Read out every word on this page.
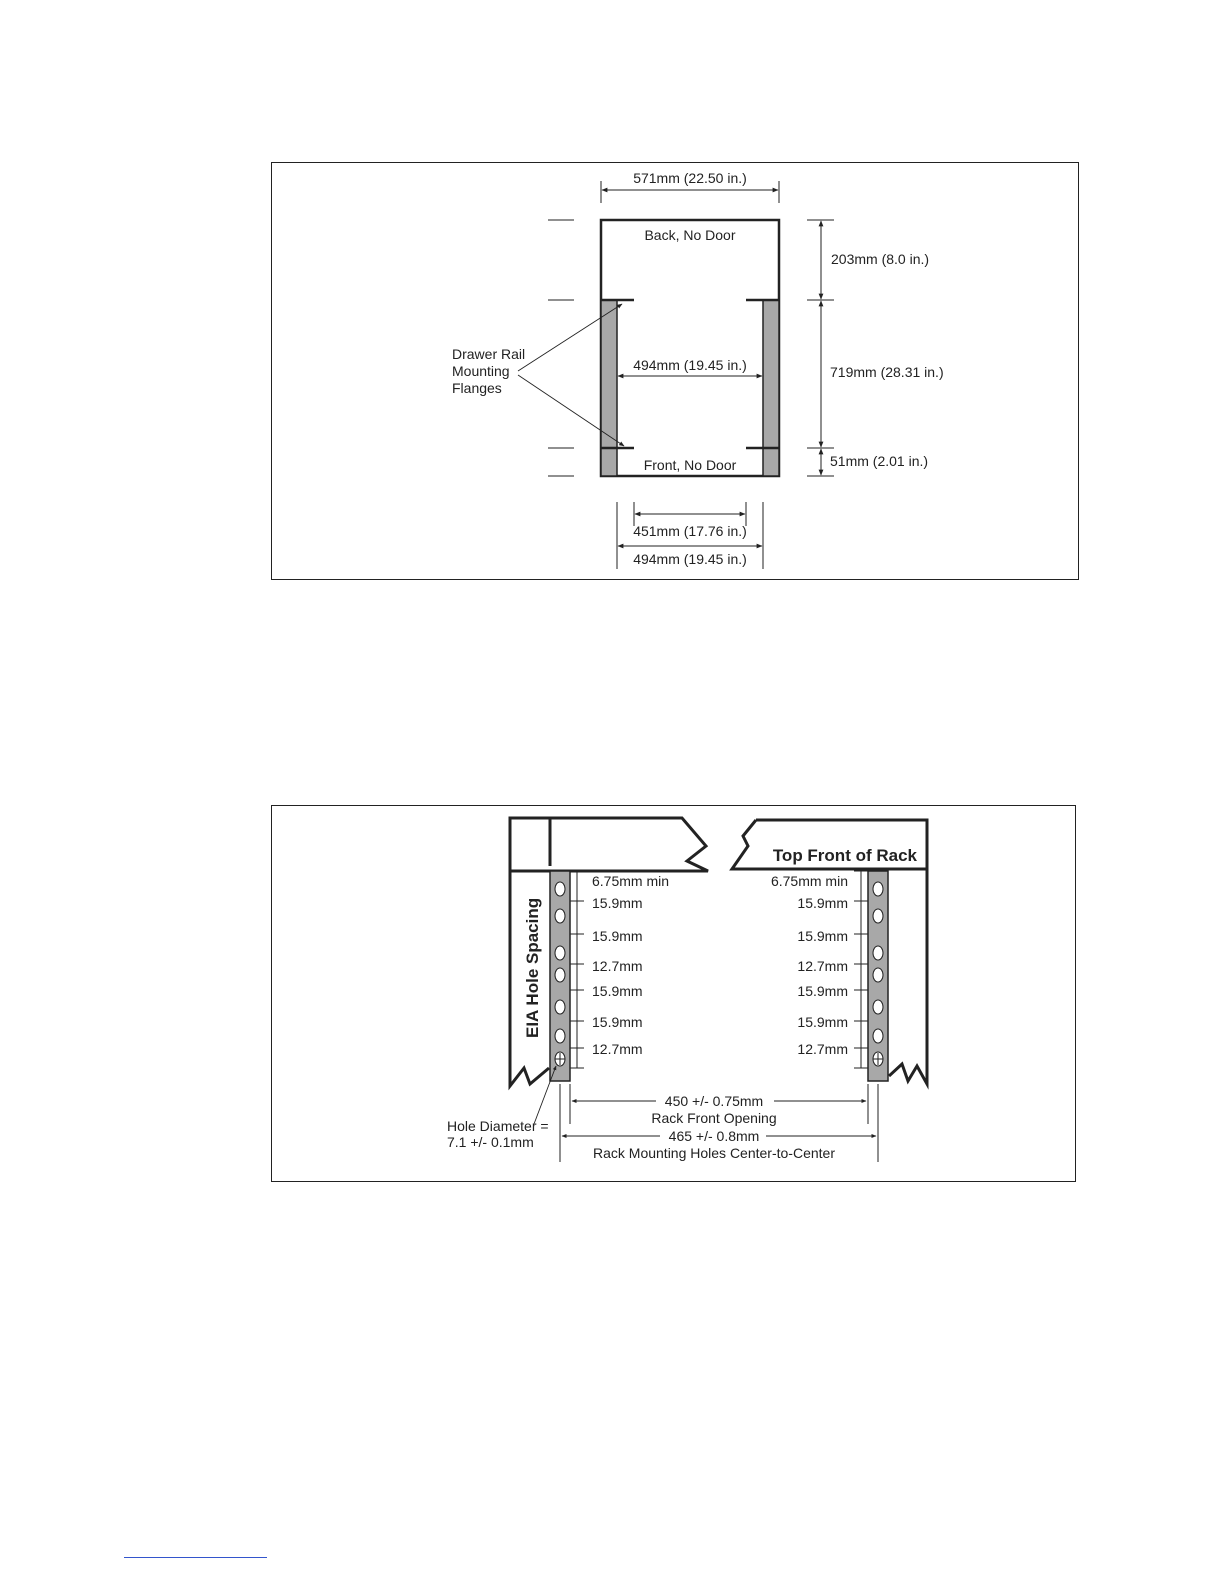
571mm (22.50 in.)
Back, No Door
Front, No Door
494mm (19.45 in.)
Drawer Rail
Mounting
Flanges
203mm (8.0 in.)
719mm (28.31 in.)
51mm (2.01 in.)
451mm (17.76 in.)
494mm (19.45 in.)
Top Front of Rack
EIA Hole Spacing
6.75mm min
15.9mm
15.9mm
12.7mm
15.9mm
15.9mm
12.7mm
6.75mm min
15.9mm
15.9mm
12.7mm
15.9mm
15.9mm
12.7mm
450 +/- 0.75mm
Rack Front Opening
465 +/- 0.8mm
Rack Mounting Holes Center-to-Center
Hole Diameter =
7.1 +/- 0.1mm
